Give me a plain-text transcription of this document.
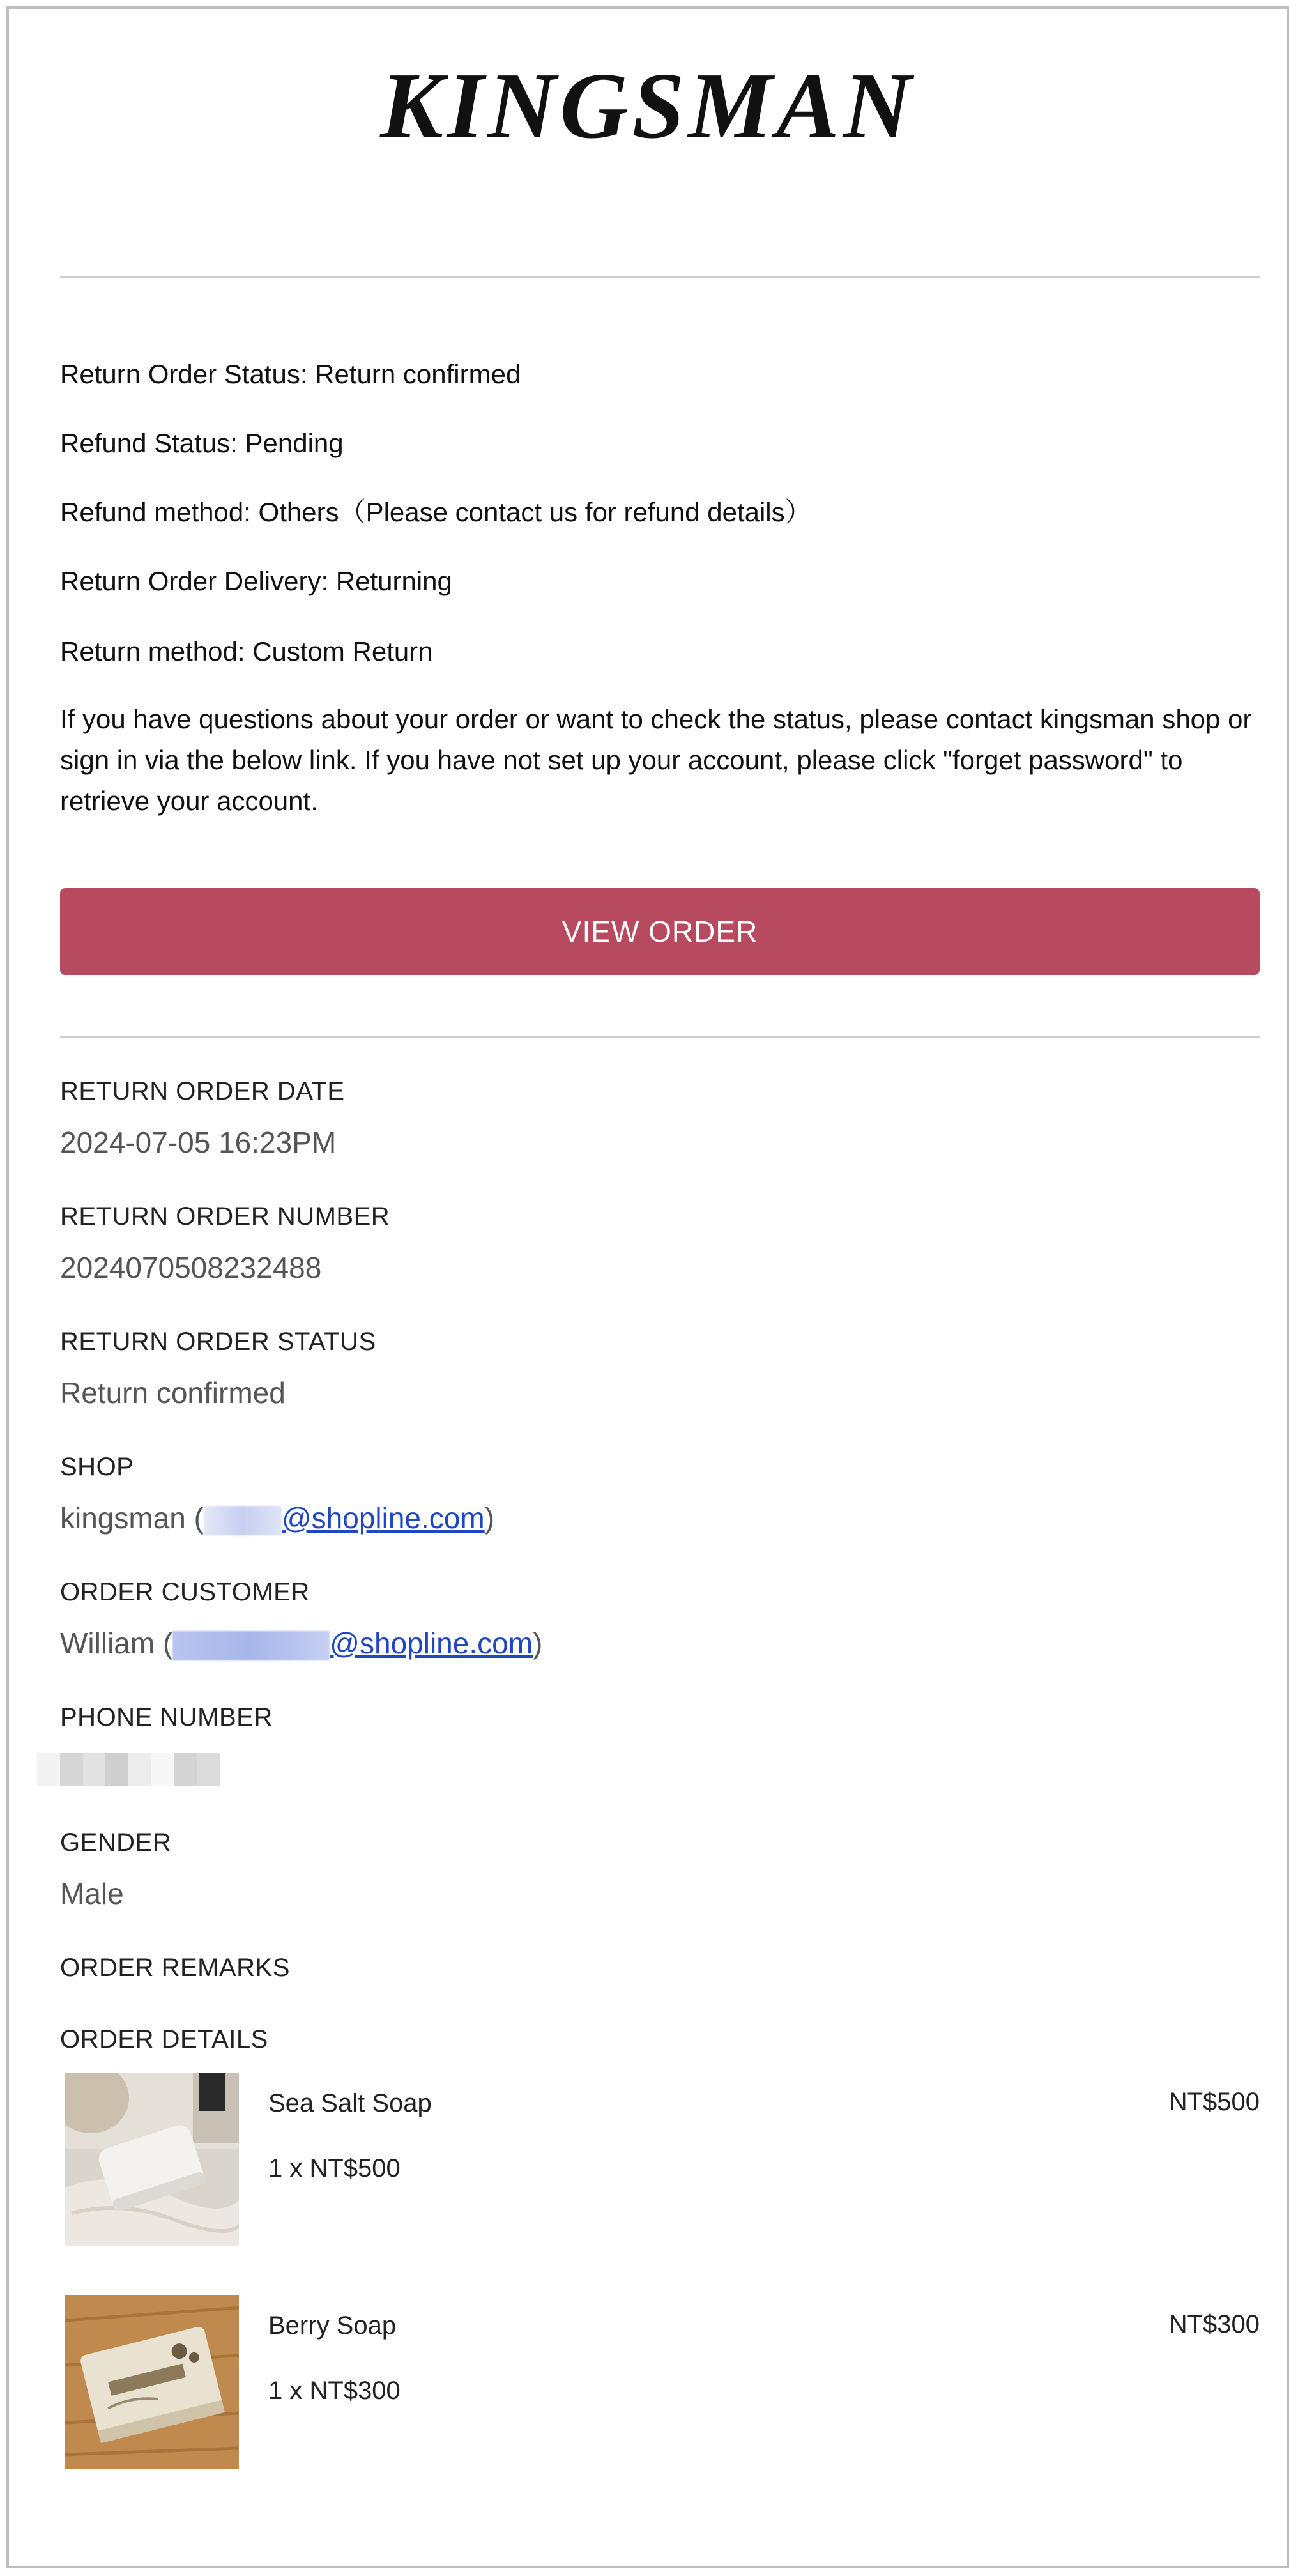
KINGSMAN
Return Order Status: Return confirmed
Refund Status: Pending
Refund method: Others（Please contact us for refund details）
Return Order Delivery: Returning
Return method: Custom Return
If you have questions about your order or want to check the status, please contact kingsman shop or sign in via the below link. If you have not set up your account, please click "forget password" to retrieve your account.
VIEW ORDER
RETURN ORDER DATE
2024-07-05 16:23PM
RETURN ORDER NUMBER
2024070508232488
RETURN ORDER STATUS
Return confirmed
SHOP
kingsman (	@shopline.com)
ORDER CUSTOMER
William (	@shopline.com)
PHONE NUMBER
GENDER
Male
ORDER REMARKS
ORDER DETAILS
Sea Salt Soap
1 x NT$500
NT$500
Berry Soap
1 x NT$300
NT$300
